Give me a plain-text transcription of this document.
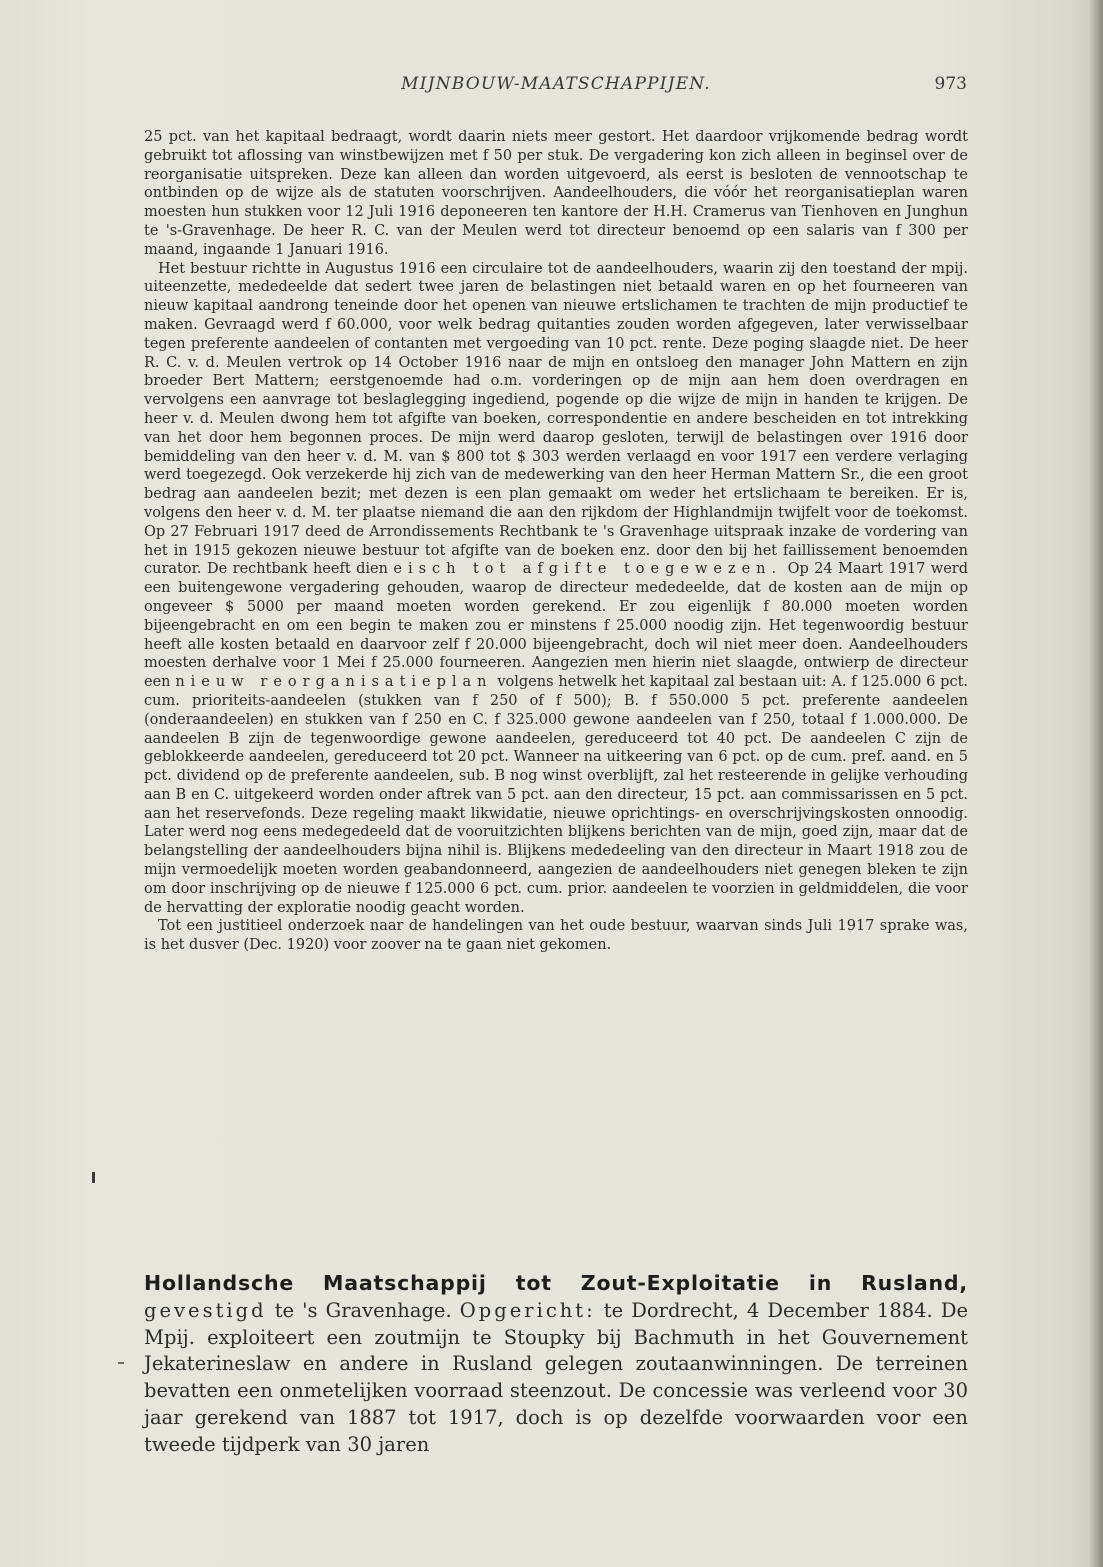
MIJNBOUW-MAATSCHAPPIJEN.	973

25 pct. van het kapitaal bedraagt, wordt daarin niets meer gestort. Het daardoor vrijkomende bedrag wordt gebruikt tot aflossing van winstbewijzen met f 50 per stuk. De vergadering kon zich alleen in beginsel over de reorganisatie uitspreken. Deze kan alleen dan worden uitgevoerd, als eerst is besloten de vennootschap te ontbinden op de wijze als de statuten voorschrijven. Aandeelhouders, die vóór het reorganisatieplan waren moesten hun stukken voor 12 Juli 1916 deponeeren ten kantore der H.H. Cramerus van Tienhoven en Junghun te 's-Gravenhage. De heer R. C. van der Meulen werd tot directeur benoemd op een salaris van f 300 per maand, ingaande 1 Januari 1916.

Het bestuur richtte in Augustus 1916 een circulaire tot de aandeelhouders, waarin zij den toestand der mpij. uiteenzette, mededeelde dat sedert twee jaren de belastingen niet betaald waren en op het fourneeren van nieuw kapitaal aandrong teneinde door het openen van nieuwe ertslichamen te trachten de mijn productief te maken. Gevraagd werd f 60.000, voor welk bedrag quitanties zouden worden afgegeven, later verwisselbaar tegen preferente aandeelen of contanten met vergoeding van 10 pct. rente. Deze poging slaagde niet. De heer R. C. v. d. Meulen vertrok op 14 October 1916 naar de mijn en ontsloeg den manager John Mattern en zijn broeder Bert Mattern; eerstgenoemde had o.m. vorderingen op de mijn aan hem doen overdragen en vervolgens een aanvrage tot beslaglegging ingediend, pogende op die wijze de mijn in handen te krijgen. De heer v. d. Meulen dwong hem tot afgifte van boeken, correspondentie en andere bescheiden en tot intrekking van het door hem begonnen proces. De mijn werd daarop gesloten, terwijl de belastingen over 1916 door bemiddeling van den heer v. d. M. van $ 800 tot $ 303 werden verlaagd en voor 1917 een verdere verlaging werd toegezegd. Ook verzekerde hij zich van de medewerking van den heer Herman Mattern Sr., die een groot bedrag aan aandeelen bezit; met dezen is een plan gemaakt om weder het ertslichaam te bereiken. Er is, volgens den heer v. d. M. ter plaatse niemand die aan den rijkdom der Highlandmijn twijfelt voor de toekomst. Op 27 Februari 1917 deed de Arrondissements Rechtbank te 's Gravenhage uitspraak inzake de vordering van het in 1915 gekozen nieuwe bestuur tot afgifte van de boeken enz. door den bij het faillissement benoemden curator. De rechtbank heeft dien eisch tot afgifte toegewezen. Op 24 Maart 1917 werd een buitengewone vergadering gehouden, waarop de directeur mededeelde, dat de kosten aan de mijn op ongeveer $ 5000 per maand moeten worden gerekend. Er zou eigenlijk f 80.000 moeten worden bijeengebracht en om een begin te maken zou er minstens f 25.000 noodig zijn. Het tegenwoordig bestuur heeft alle kosten betaald en daarvoor zelf f 20.000 bijeengebracht, doch wil niet meer doen. Aandeelhouders moesten derhalve voor 1 Mei f 25.000 fourneeren. Aangezien men hierin niet slaagde, ontwierp de directeur een nieuw reorganisatieplan volgens hetwelk het kapitaal zal bestaan uit: A. f 125.000 6 pct. cum. prioriteits-aandeelen (stukken van f 250 of f 500); B. f 550.000 5 pct. preferente aandeelen (onderaandeelen) en stukken van f 250 en C. f 325.000 gewone aandeelen van f 250, totaal f 1.000.000. De aandeelen B zijn de tegenwoordige gewone aandeelen, gereduceerd tot 40 pct. De aandeelen C zijn de geblokkeerde aandeelen, gereduceerd tot 20 pct. Wanneer na uitkeering van 6 pct. op de cum. pref. aand. en 5 pct. dividend op de preferente aandeelen, sub. B nog winst overblijft, zal het resteerende in gelijke verhouding aan B en C. uitgekeerd worden onder aftrek van 5 pct. aan den directeur, 15 pct. aan commissarissen en 5 pct. aan het reservefonds. Deze regeling maakt likwidatie, nieuwe oprichtings- en overschrijvingskosten onnoodig. Later werd nog eens medegedeeld dat de vooruitzichten blijkens berichten van de mijn, goed zijn, maar dat de belangstelling der aandeelhouders bijna nihil is. Blijkens mededeeling van den directeur in Maart 1918 zou de mijn vermoedelijk moeten worden geabandonneerd, aangezien de aandeelhouders niet genegen bleken te zijn om door inschrijving op de nieuwe f 125.000 6 pct. cum. prior. aandeelen te voorzien in geldmiddelen, die voor de hervatting der exploratie noodig geacht worden.

Tot een justitieel onderzoek naar de handelingen van het oude bestuur, waarvan sinds Juli 1917 sprake was, is het dusver (Dec. 1920) voor zoover na te gaan niet gekomen.

Hollandsche Maatschappij tot Zout-Exploitatie in Rusland, gevestigd te 's Gravenhage. Opgericht: te Dordrecht, 4 December 1884. De Mpij. exploiteert een zoutmijn te Stoupky bij Bachmuth in het Gouvernement Jekaterineslaw en andere in Rusland gelegen zoutaanwinningen. De terreinen bevatten een onmetelijken voorraad steenzout. De concessie was verleend voor 30 jaar gerekend van 1887 tot 1917, doch is op dezelfde voorwaarden voor een tweede tijdperk van 30 jaren
